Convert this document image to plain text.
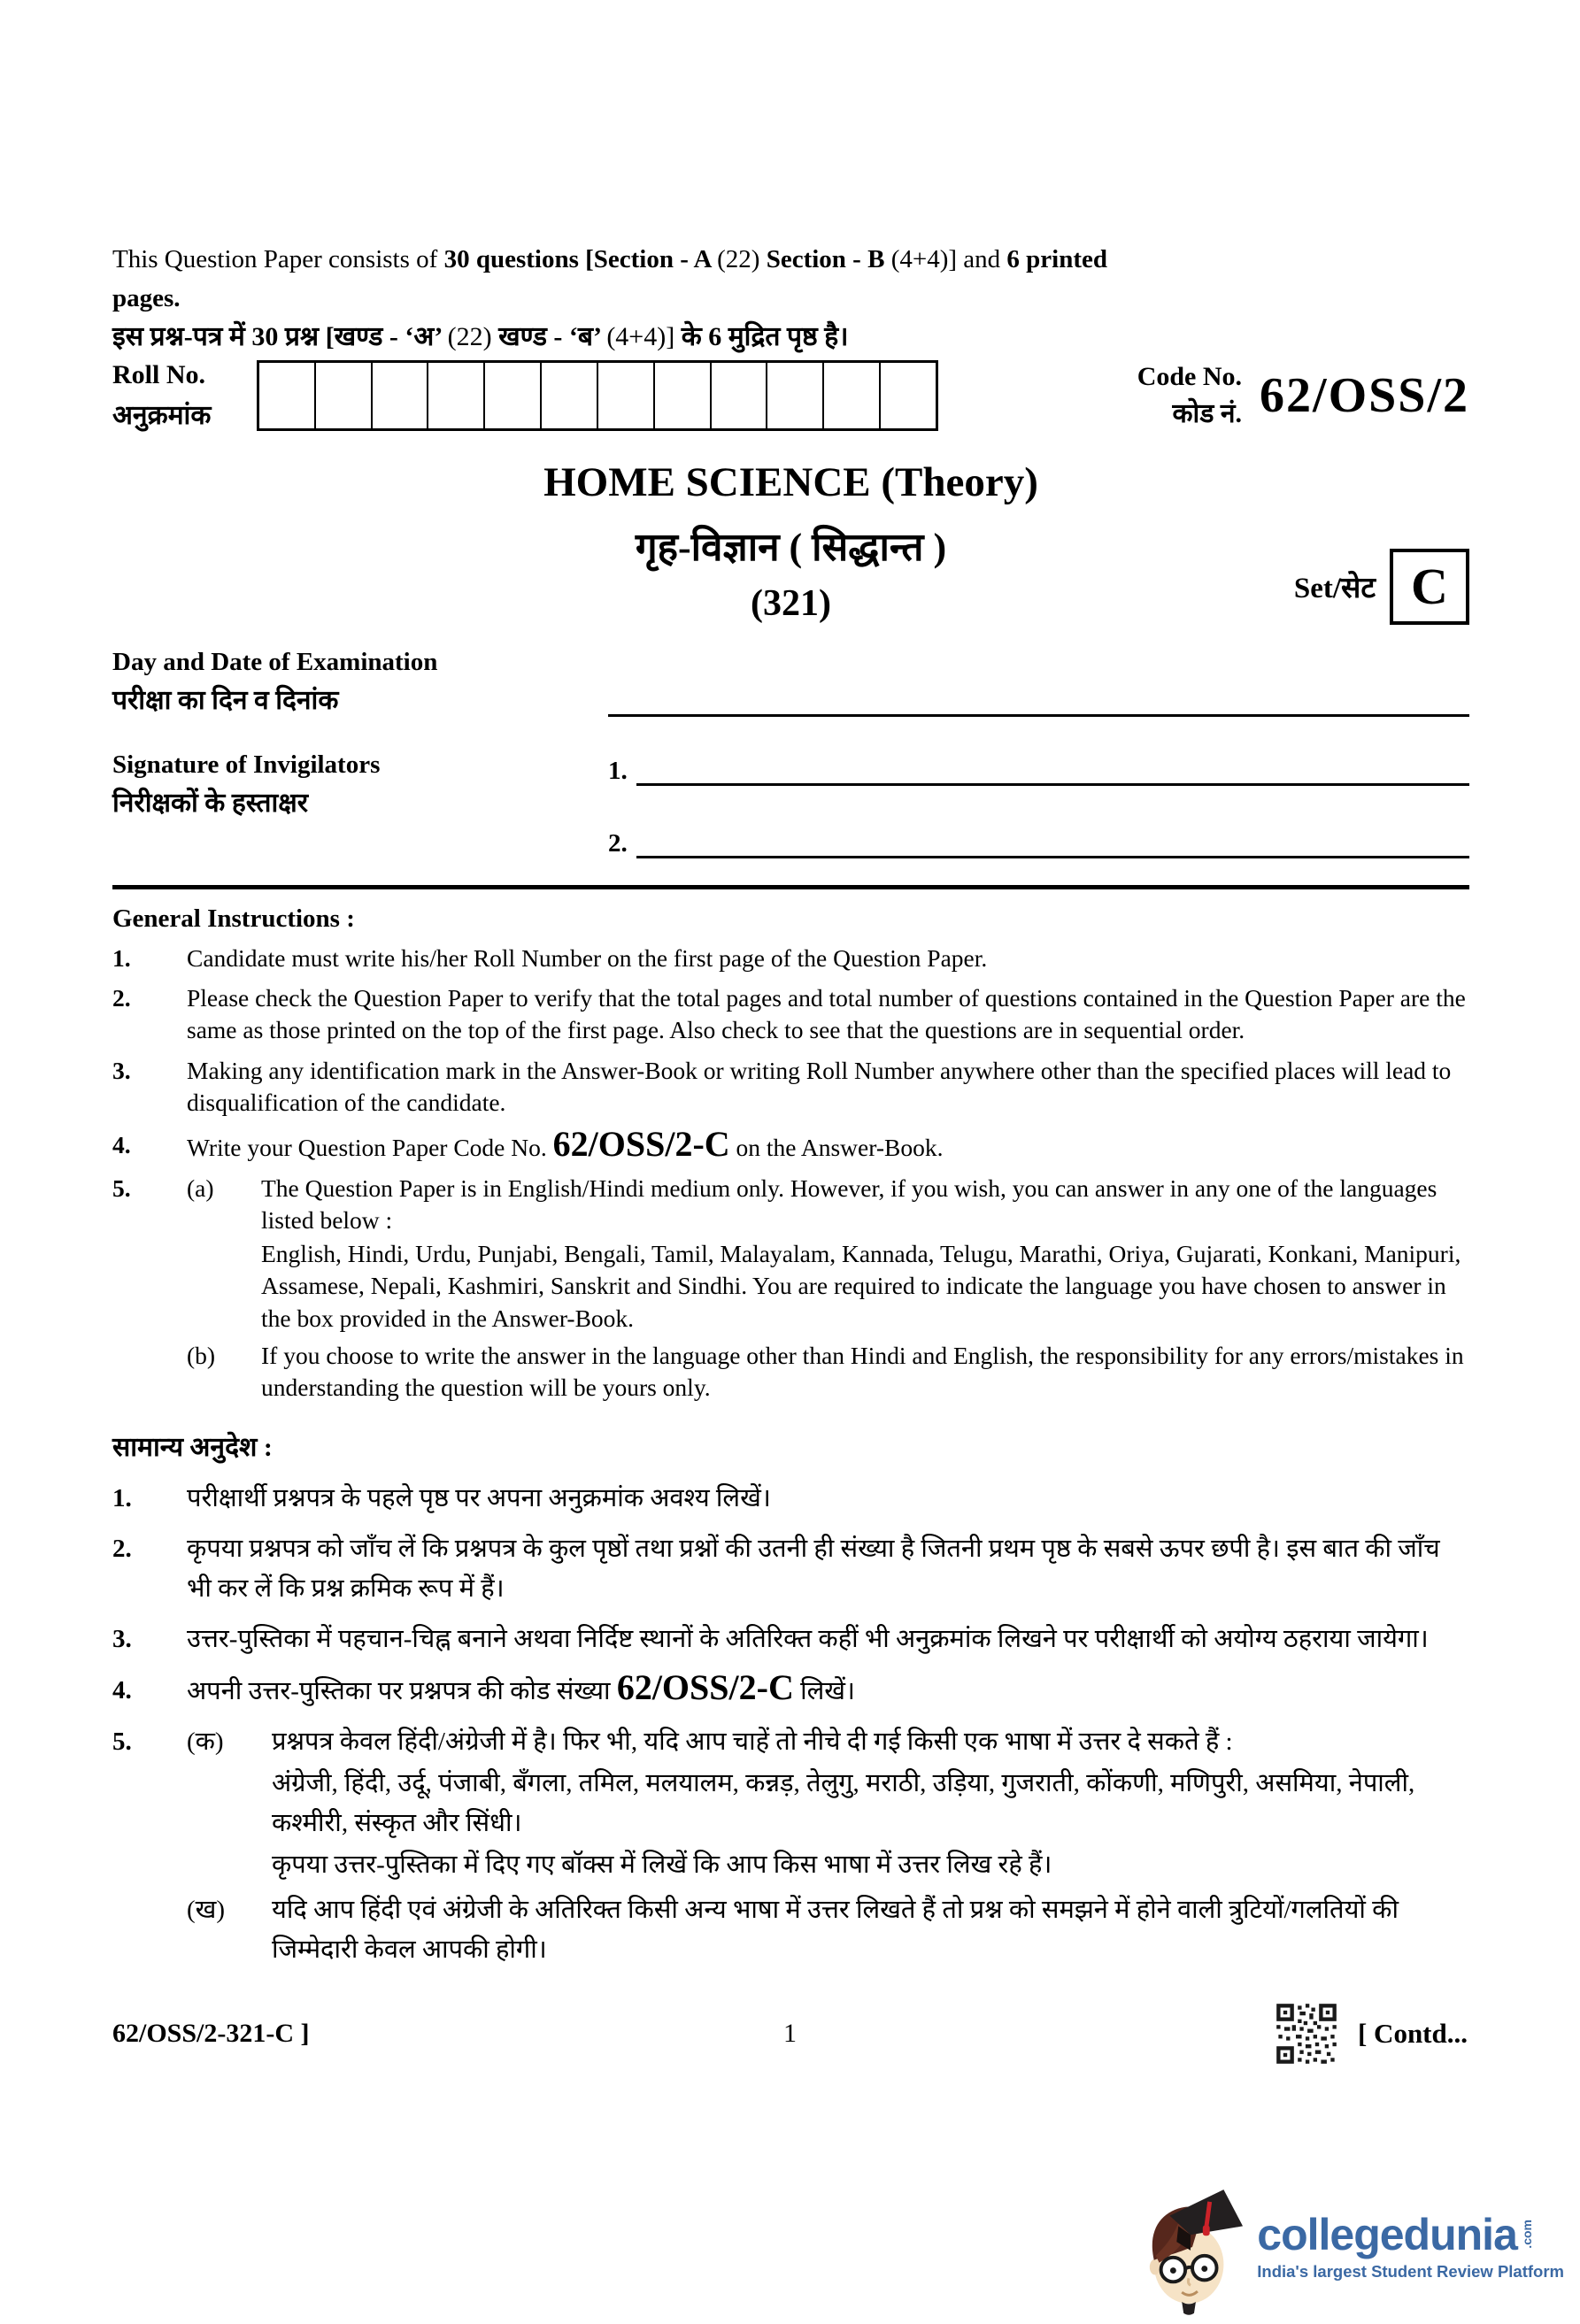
This Question Paper consists of 30 questions [Section - A (22) Section - B (4+4)] and 6 printed
pages.
इस प्रश्न-पत्र में 30 प्रश्न [खण्ड - ‘अ’ (22) खण्ड - ‘ब’ (4+4)] के 6 मुद्रित पृष्ठ है।
Roll No.
अनुक्रमांक
Code No.
कोड नं. 62/OSS/2
HOME SCIENCE (Theory)
गृह-विज्ञान ( सिद्धान्त )
(321)	Set/सेट C
Day and Date of Examination
परीक्षा का दिन व दिनांक
Signature of Invigilators
निरीक्षकों के हस्ताक्षर
1.
2.
General Instructions :
1.	Candidate must write his/her Roll Number on the first page of the Question Paper.
2.	Please check the Question Paper to verify that the total pages and total number of questions contained in the Question Paper are the same as those printed on the top of the first page. Also check to see that the questions are in sequential order.
3.	Making any identification mark in the Answer-Book or writing Roll Number anywhere other than the specified places will lead to disqualification of the candidate.
4.	Write your Question Paper Code No. 62/OSS/2-C on the Answer-Book.
5.	(a)	The Question Paper is in English/Hindi medium only. However, if you wish, you can answer in any one of the languages listed below :
English, Hindi, Urdu, Punjabi, Bengali, Tamil, Malayalam, Kannada, Telugu, Marathi, Oriya, Gujarati, Konkani, Manipuri, Assamese, Nepali, Kashmiri, Sanskrit and Sindhi. You are required to indicate the language you have chosen to answer in the box provided in the Answer-Book.
(b)	If you choose to write the answer in the language other than Hindi and English, the responsibility for any errors/mistakes in understanding the question will be yours only.
सामान्य अनुदेश :
1.	परीक्षार्थी प्रश्नपत्र के पहले पृष्ठ पर अपना अनुक्रमांक अवश्य लिखें।
2.	कृपया प्रश्नपत्र को जाँच लें कि प्रश्नपत्र के कुल पृष्ठों तथा प्रश्नों की उतनी ही संख्या है जितनी प्रथम पृष्ठ के सबसे ऊपर छपी है। इस बात की जाँच भी कर लें कि प्रश्न क्रमिक रूप में हैं।
3.	उत्तर-पुस्तिका में पहचान-चिह्न बनाने अथवा निर्दिष्ट स्थानों के अतिरिक्त कहीं भी अनुक्रमांक लिखने पर परीक्षार्थी को अयोग्य ठहराया जायेगा।
4.	अपनी उत्तर-पुस्तिका पर प्रश्नपत्र की कोड संख्या 62/OSS/2-C लिखें।
5.	(क)	प्रश्नपत्र केवल हिंदी/अंग्रेजी में है। फिर भी, यदि आप चाहें तो नीचे दी गई किसी एक भाषा में उत्तर दे सकते हैं :
अंग्रेजी, हिंदी, उर्दू, पंजाबी, बँगला, तमिल, मलयालम, कन्नड़, तेलुगु, मराठी, उड़िया, गुजराती, कोंकणी, मणिपुरी, असमिया, नेपाली, कश्मीरी, संस्कृत और सिंधी।
कृपया उत्तर-पुस्तिका में दिए गए बॉक्स में लिखें कि आप किस भाषा में उत्तर लिख रहे हैं।
(ख)	यदि आप हिंदी एवं अंग्रेजी के अतिरिक्त किसी अन्य भाषा में उत्तर लिखते हैं तो प्रश्न को समझने में होने वाली त्रुटियों/गलतियों की जिम्मेदारी केवल आपकी होगी।
62/OSS/2-321-C ]	1	[ Contd...
collegedunia .com
India's largest Student Review Platform
